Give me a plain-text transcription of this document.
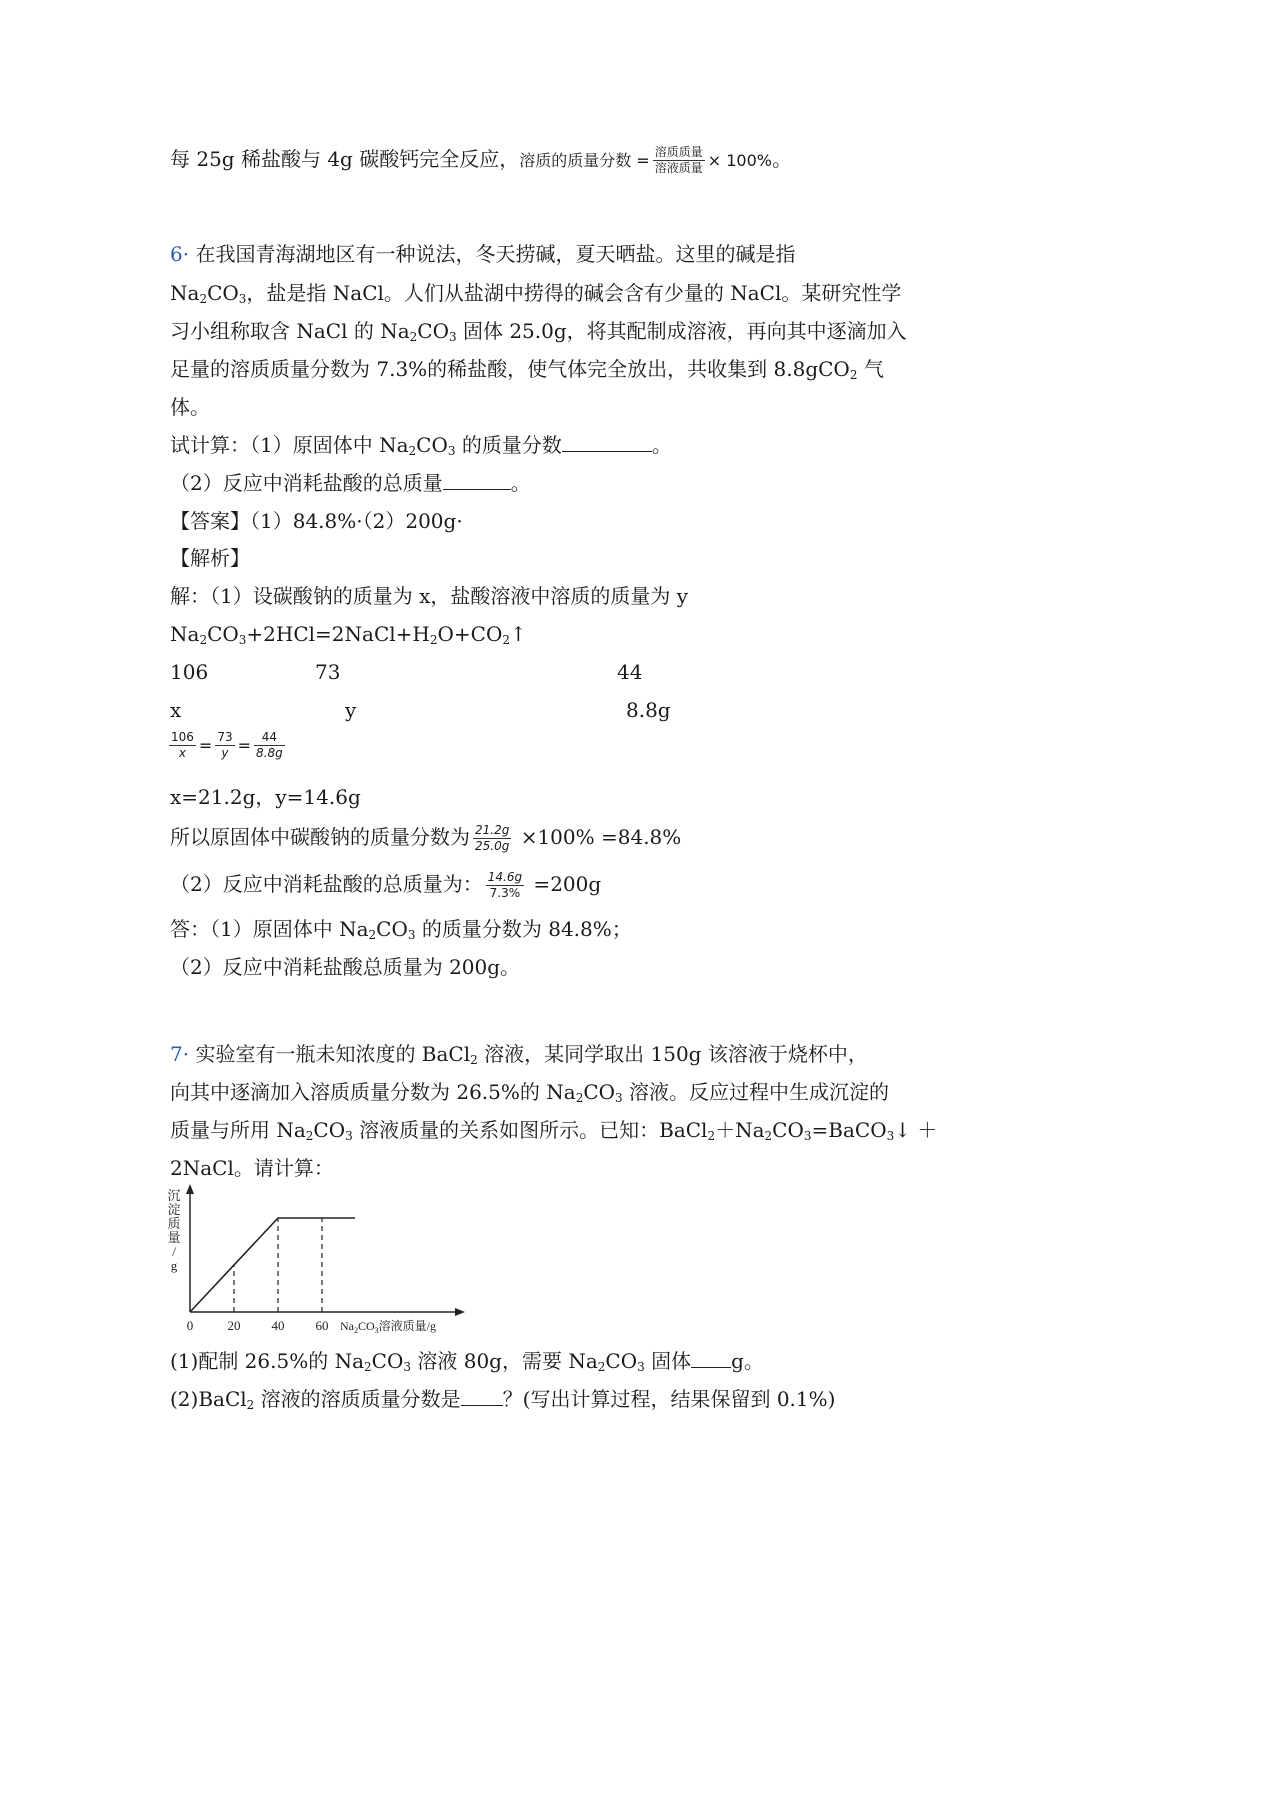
每 25g 稀盐酸与 4g 碳酸钙完全反应，溶质的质量分数 = $\frac{\text{溶质质量}}{\text{溶液质量}} \times 100\%$。
6· 在我国青海湖地区有一种说法，冬天捞碱，夏天晒盐。这里的碱是指
$Na_2CO_3$，盐是指 NaCl。人们从盐湖中捞得的碱会含有少量的 NaCl。某研究性学
习小组称取含 NaCl 的 $Na_2CO_3$ 固体 25.0g，将其配制成溶液，再向其中逐滴加入
足量的溶质质量分数为 7.3%的稀盐酸，使气体完全放出，共收集到 8.8gCO$_2$ 气
体。
试计算：（1）原固体中 $Na_2CO_3$ 的质量分数	。
（2）反应中消耗盐酸的总质量	。
【答案】（1）84.8%·（2）200g·
【解析】
解：（1）设碳酸钠的质量为 x，盐酸溶液中溶质的质量为 y
$Na_2CO_3+2HCl=2NaCl+H_2O+CO_2↑$
106	73	44
x	y	8.8g
$\frac{106}{x} = \frac{73}{y} = \frac{44}{8.8g}$
x=21.2g，y=14.6g
所以原固体中碳酸钠的质量分数为 $\frac{21.2g}{25.0g} \times 100\% =84.8\%$
（2）反应中消耗盐酸的总质量为： $\frac{14.6g}{7.3\%} =200g$
答：（1）原固体中 $Na_2CO_3$ 的质量分数为 84.8%；
（2）反应中消耗盐酸总质量为 200g。
7· 实验室有一瓶未知浓度的 BaCl$_2$ 溶液，某同学取出 150g 该溶液于烧杯中，
向其中逐滴加入溶质质量分数为 26.5%的 $Na_2CO_3$ 溶液。反应过程中生成沉淀的
质量与所用 $Na_2CO_3$ 溶液质量的关系如图所示。已知：$BaCl_2+Na_2CO_3=BaCO_3↓$ ＋
2NaCl。请计算：
沉
淀
质
量
/
g
0	20 40 60 $Na_2CO_3$溶液质量/g
(1)配制 26.5%的 $Na_2CO_3$ 溶液 80g，需要 $Na_2CO_3$ 固体 g。
(2)BaCl$_2$ 溶液的溶质质量分数是 ？(写出计算过程，结果保留到 0.1%)
